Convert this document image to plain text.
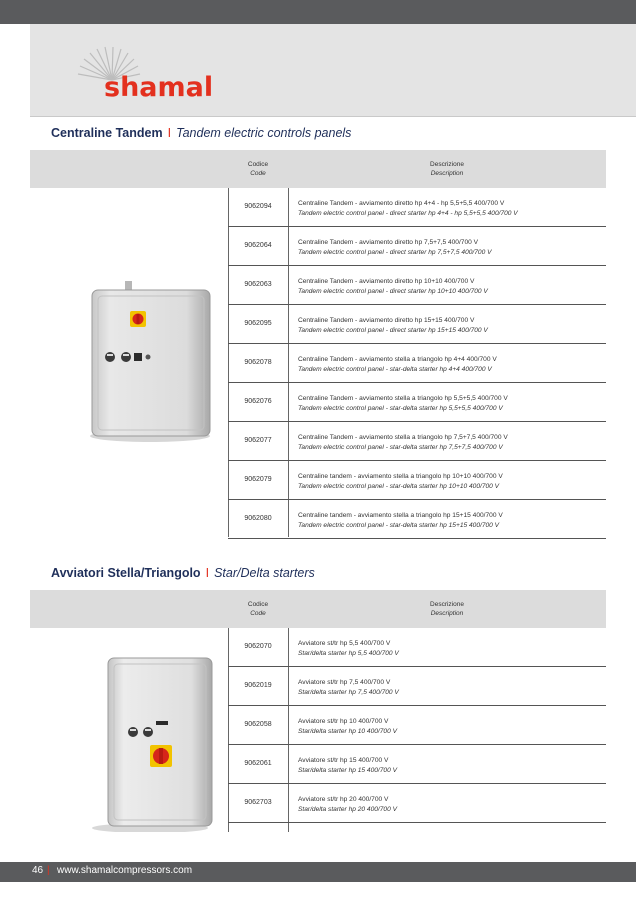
shamal
Centraline Tandem I Tandem electric controls panels
Codice
Code
Descrizione
Description
9062094	Centraline Tandem - avviamento diretto hp 4+4 - hp 5,5+5,5 400/700 V
Tandem electric control panel - direct starter hp 4+4 - hp 5,5+5,5 400/700 V
9062064	Centraline Tandem - avviamento diretto hp 7,5+7,5 400/700 V
Tandem electric control panel - direct starter hp 7,5+7,5 400/700 V
9062063	Centraline Tandem - avviamento diretto hp 10+10 400/700 V
Tandem electric control panel - direct starter hp 10+10 400/700 V
9062095	Centraline Tandem - avviamento diretto hp 15+15 400/700 V
Tandem electric control panel - direct starter hp 15+15 400/700 V
9062078	Centraline Tandem - avviamento stella a triangolo hp 4+4 400/700 V
Tandem electric control panel - star-delta starter hp 4+4 400/700 V
9062076	Centraline Tandem - avviamento stella a triangolo hp 5,5+5,5 400/700 V
Tandem electric control panel - star-delta starter hp 5,5+5,5 400/700 V
9062077	Centraline Tandem - avviamento stella a triangolo hp 7,5+7,5 400/700 V
Tandem electric control panel - star-delta starter hp 7,5+7,5 400/700 V
9062079	Centraline tandem - avviamento stella a triangolo hp 10+10 400/700 V
Tandem electric control panel - star-delta starter hp 10+10 400/700 V
9062080	Centraline tandem - avviamento stella a triangolo hp 15+15 400/700 V
Tandem electric control panel - star-delta starter hp 15+15 400/700 V
Avviatori Stella/Triangolo I Star/Delta starters
Codice
Code
Descrizione
Description
9062070	Avviatore st/tr hp 5,5 400/700 V
Star/delta starter hp 5,5 400/700 V
9062019	Avviatore st/tr hp 7,5 400/700 V
Star/delta starter hp 7,5 400/700 V
9062058	Avviatore st/tr hp 10 400/700 V
Star/delta starter hp 10 400/700 V
9062061	Avviatore st/tr hp 15 400/700 V
Star/delta starter hp 15 400/700 V
9062703	Avviatore st/tr hp 20 400/700 V
Star/delta starter hp 20 400/700 V
46 | www.shamalcompressors.com
